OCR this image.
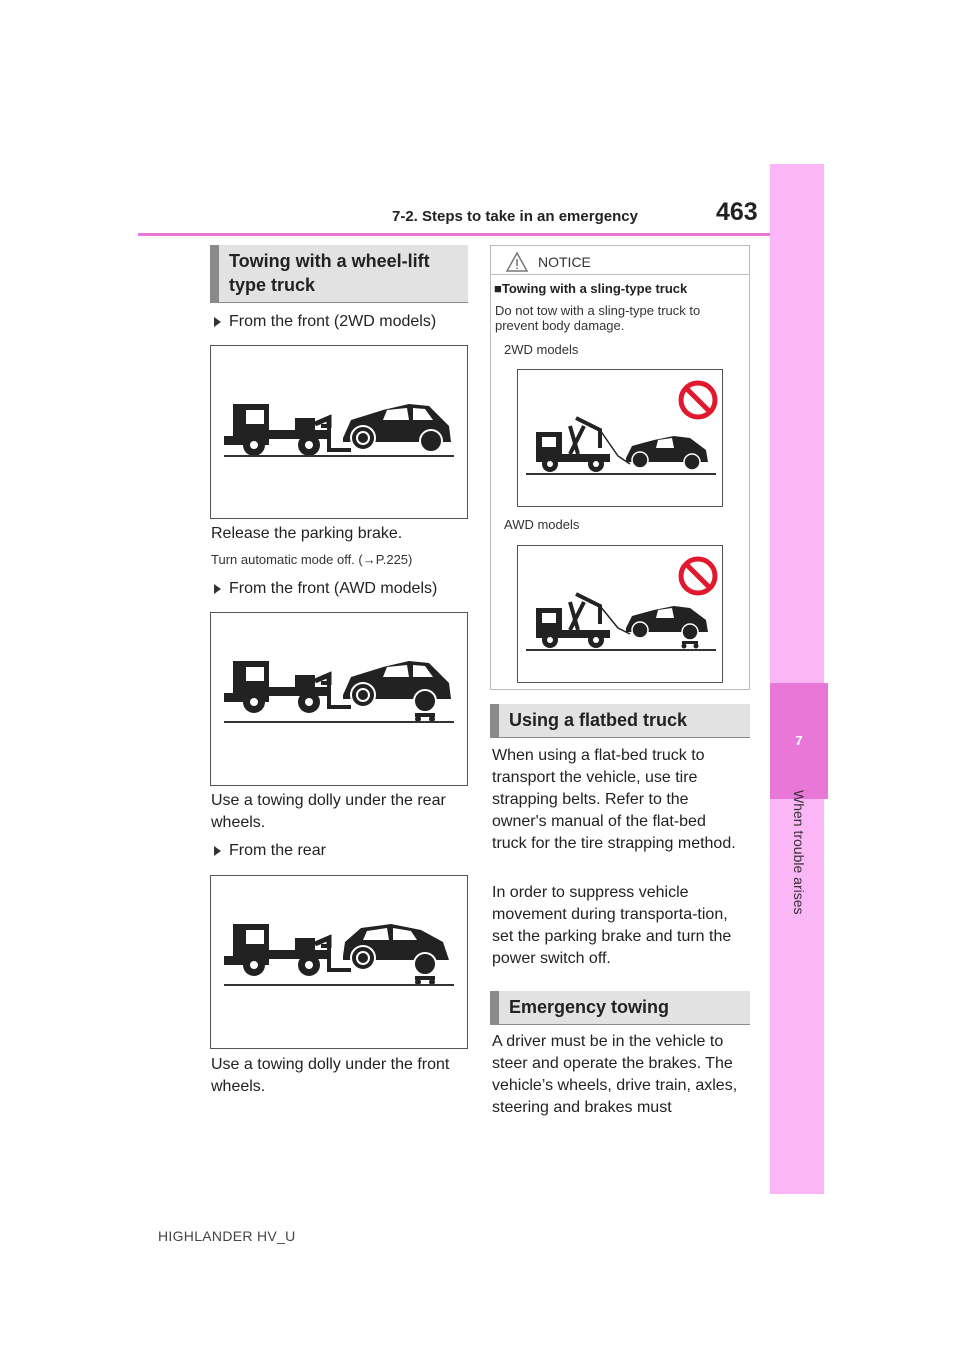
7-2. Steps to take in an emergency	463
7
When trouble arises
Towing with a wheel-lift type truck
From the front (2WD models)
Release the parking brake.
Turn automatic mode off. (→P.225)
From the front (AWD models)
Use a towing dolly under the rear wheels.
From the rear
Use a towing dolly under the front wheels.
NOTICE
■Towing with a sling-type truck
Do not tow with a sling-type truck to prevent body damage.
2WD models
AWD models
Using a flatbed truck
When using a flat-bed truck to transport the vehicle, use tire strapping belts. Refer to the owner's manual of the flat-bed truck for the tire strapping method.
In order to suppress vehicle movement during transporta-tion, set the parking brake and turn the power switch off.
Emergency towing
A driver must be in the vehicle to steer and operate the brakes. The vehicle’s wheels, drive train, axles, steering and brakes must
HIGHLANDER HV_U
